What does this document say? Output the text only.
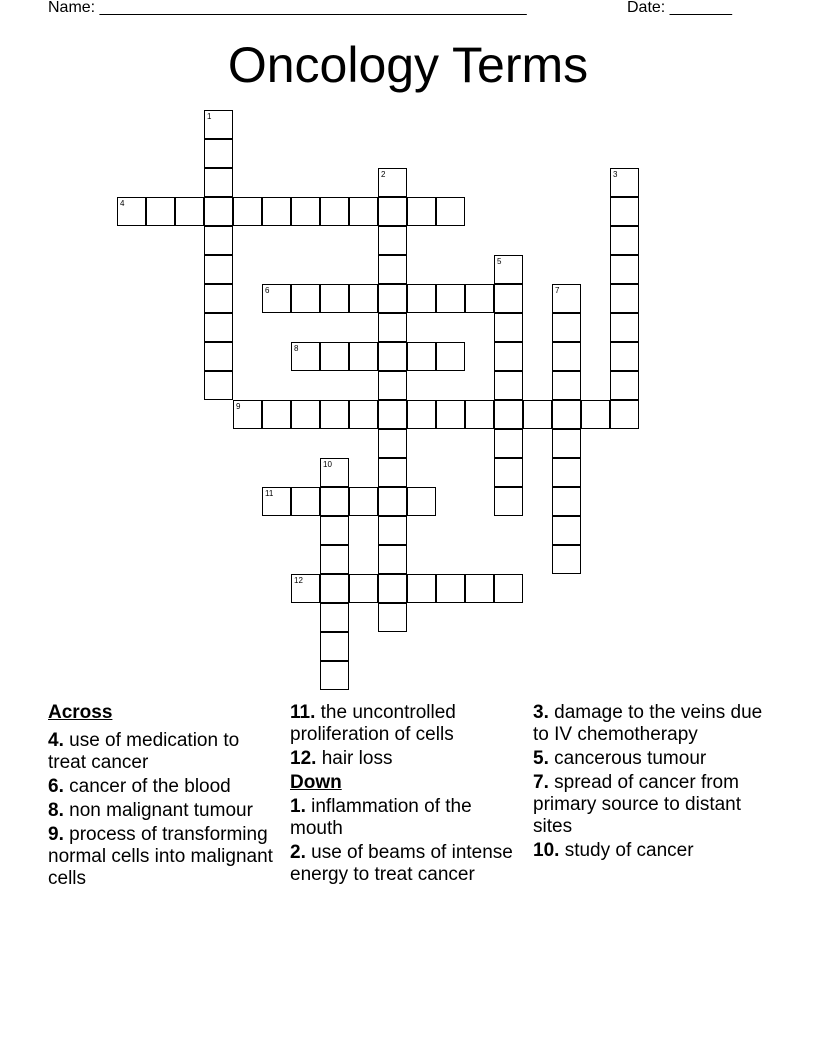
Name: ________________________________________________	Date: _______
Oncology Terms
1
2	3
4
5
6	7
8
9
10
11
12
Across
4. use of medication to treat cancer
6. cancer of the blood
8. non malignant tumour
9. process of transforming normal cells into malignant cells
11. the uncontrolled proliferation of cells
12. hair loss
Down
1. inflammation of the mouth
2. use of beams of intense energy to treat cancer
3. damage to the veins due to IV chemotherapy
5. cancerous tumour
7. spread of cancer from primary source to distant sites
10. study of cancer
